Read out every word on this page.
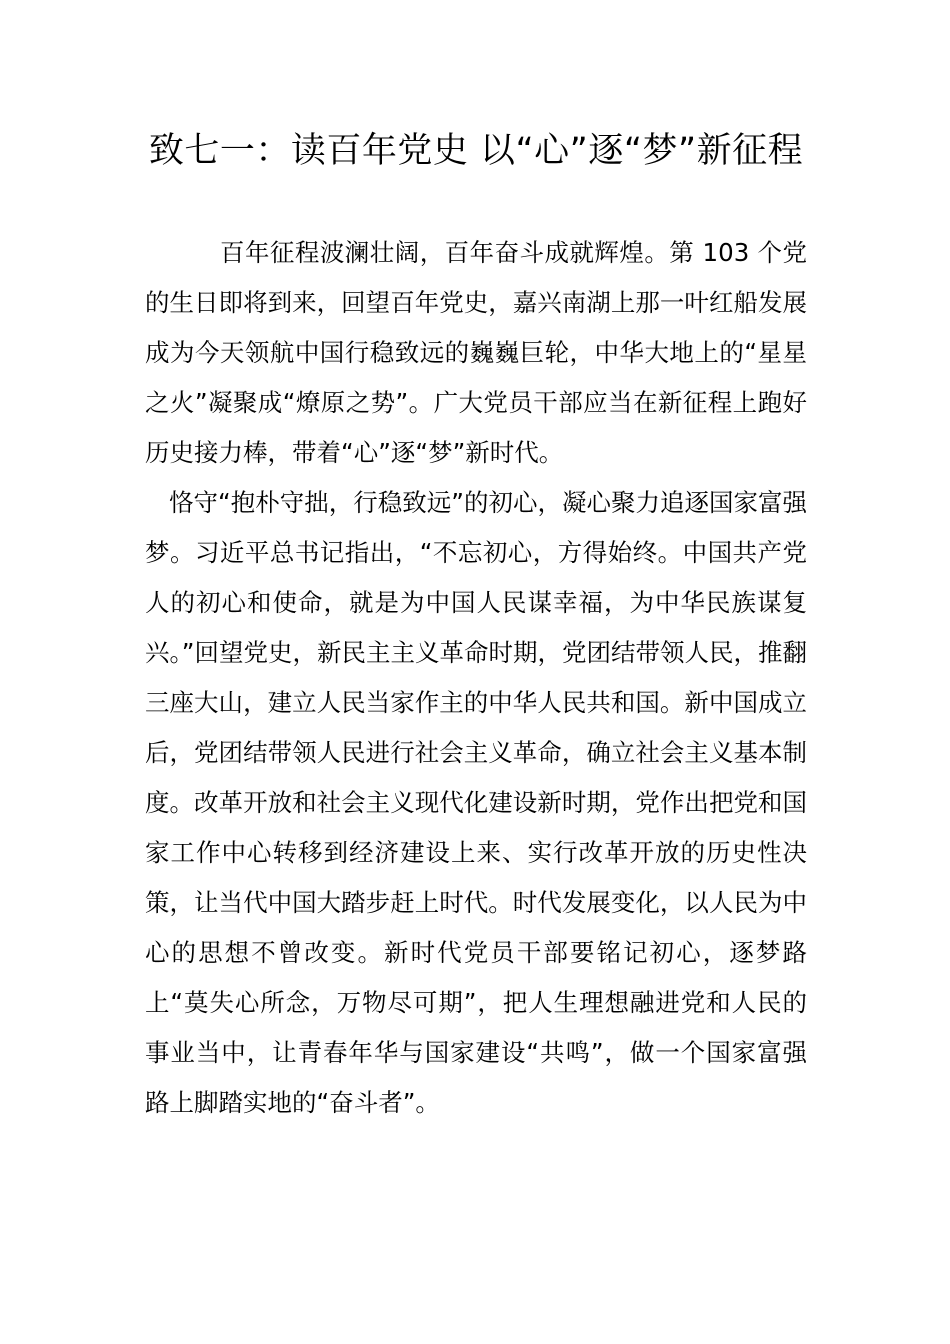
致七一：读百年党史 以“心”逐“梦”新征程

百年征程波澜壮阔，百年奋斗成就辉煌。第 103 个党的生日即将到来，回望百年党史，嘉兴南湖上那一叶红船发展成为今天领航中国行稳致远的巍巍巨轮，中华大地上的“星星之火”凝聚成“燎原之势”。广大党员干部应当在新征程上跑好历史接力棒，带着“心”逐“梦”新时代。

恪守“抱朴守拙，行稳致远”的初心，凝心聚力追逐国家富强梦。习近平总书记指出，“不忘初心，方得始终。中国共产党人的初心和使命，就是为中国人民谋幸福，为中华民族谋复兴。”回望党史，新民主主义革命时期，党团结带领人民，推翻三座大山，建立人民当家作主的中华人民共和国。新中国成立后，党团结带领人民进行社会主义革命，确立社会主义基本制度。改革开放和社会主义现代化建设新时期，党作出把党和国家工作中心转移到经济建设上来、实行改革开放的历史性决策，让当代中国大踏步赶上时代。时代发展变化，以人民为中心的思想不曾改变。新时代党员干部要铭记初心，逐梦路上“莫失心所念，万物尽可期”，把人生理想融进党和人民的事业当中，让青春年华与国家建设“共鸣”，做一个国家富强路上脚踏实地的“奋斗者”。
